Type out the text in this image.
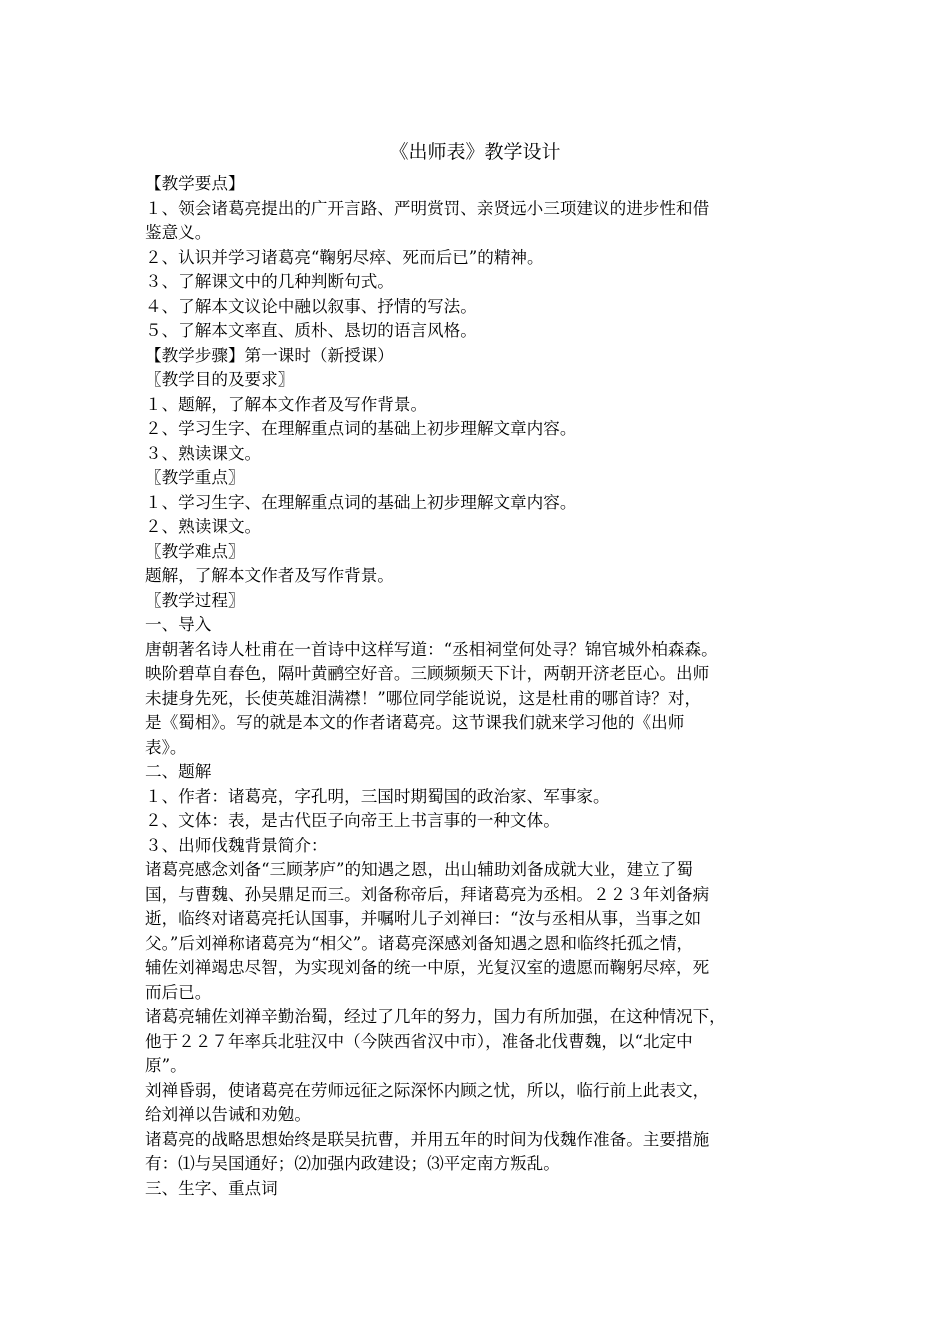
《出师表》教学设计
【教学要点】
１、领会诸葛亮提出的广开言路、严明赏罚、亲贤远小三项建议的进步性和借
鉴意义。
２、认识并学习诸葛亮“鞠躬尽瘁、死而后已”的精神。
３、了解课文中的几种判断句式。
４、了解本文议论中融以叙事、抒情的写法。
５、了解本文率直、质朴、恳切的语言风格。
【教学步骤】第一课时（新授课）
〖教学目的及要求〗
１、题解，了解本文作者及写作背景。
２、学习生字、在理解重点词的基础上初步理解文章内容。
３、熟读课文。
〖教学重点〗
１、学习生字、在理解重点词的基础上初步理解文章内容。
２、熟读课文。
〖教学难点〗
题解，了解本文作者及写作背景。
〖教学过程〗
一、导入
唐朝著名诗人杜甫在一首诗中这样写道：“丞相祠堂何处寻？锦官城外柏森森。
映阶碧草自春色，隔叶黄鹂空好音。三顾频频天下计，两朝开济老臣心。出师
未捷身先死，长使英雄泪满襟！”哪位同学能说说，这是杜甫的哪首诗？对，
是《蜀相》。写的就是本文的作者诸葛亮。这节课我们就来学习他的《出师
表》。
二、题解
１、作者：诸葛亮，字孔明，三国时期蜀国的政治家、军事家。
２、文体：表，是古代臣子向帝王上书言事的一种文体。
３、出师伐魏背景简介：
诸葛亮感念刘备“三顾茅庐”的知遇之恩，出山辅助刘备成就大业，建立了蜀
国，与曹魏、孙吴鼎足而三。刘备称帝后，拜诸葛亮为丞相。２２３年刘备病
逝，临终对诸葛亮托认国事，并嘱咐儿子刘禅曰：“汝与丞相从事，当事之如
父。”后刘禅称诸葛亮为“相父”。诸葛亮深感刘备知遇之恩和临终托孤之情，
辅佐刘禅竭忠尽智，为实现刘备的统一中原，光复汉室的遗愿而鞠躬尽瘁，死
而后已。
诸葛亮辅佐刘禅辛勤治蜀，经过了几年的努力，国力有所加强，在这种情况下，
他于２２７年率兵北驻汉中（今陕西省汉中市），准备北伐曹魏，以“北定中
原”。
刘禅昏弱，使诸葛亮在劳师远征之际深怀内顾之忧，所以，临行前上此表文，
给刘禅以告诫和劝勉。
诸葛亮的战略思想始终是联吴抗曹，并用五年的时间为伐魏作准备。主要措施
有：⑴与吴国通好；⑵加强内政建设；⑶平定南方叛乱。
三、生字、重点词
